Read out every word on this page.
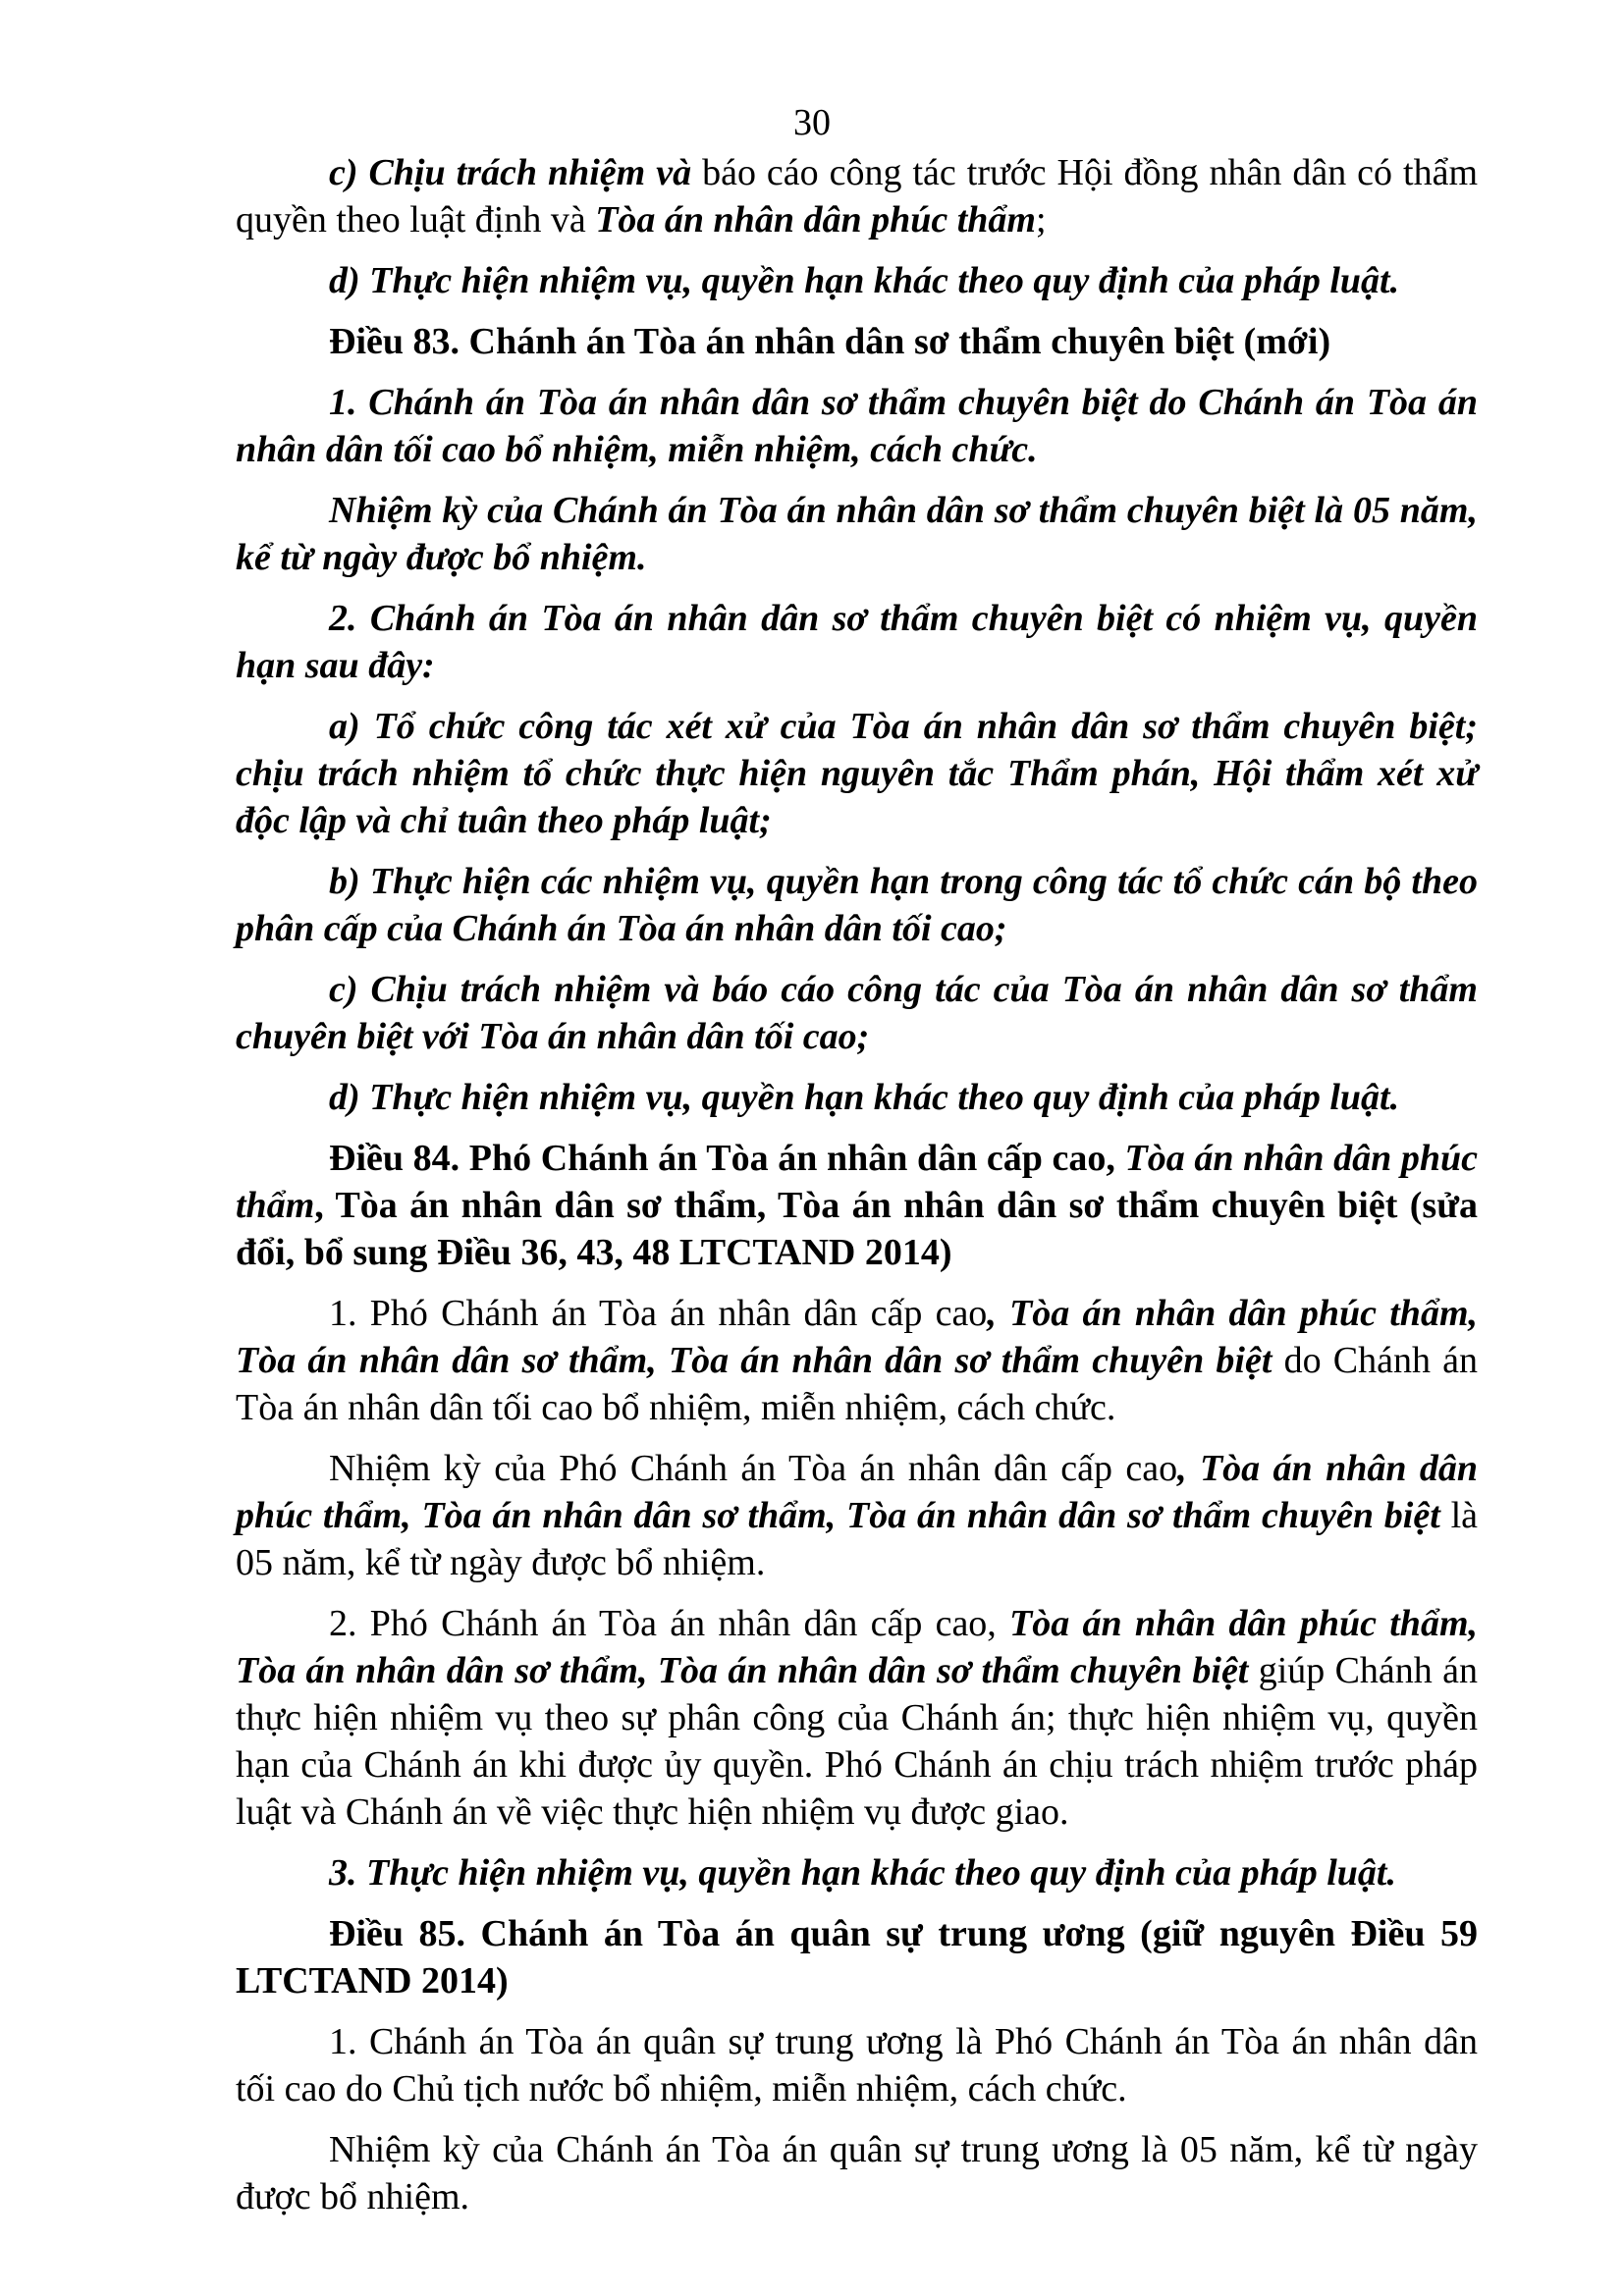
30

c) Chịu trách nhiệm và báo cáo công tác trước Hội đồng nhân dân có thẩm quyền theo luật định và Tòa án nhân dân phúc thẩm;

d) Thực hiện nhiệm vụ, quyền hạn khác theo quy định của pháp luật.

Điều 83. Chánh án Tòa án nhân dân sơ thẩm chuyên biệt (mới)

1. Chánh án Tòa án nhân dân sơ thẩm chuyên biệt do Chánh án Tòa án nhân dân tối cao bổ nhiệm, miễn nhiệm, cách chức.

Nhiệm kỳ của Chánh án Tòa án nhân dân sơ thẩm chuyên biệt là 05 năm, kể từ ngày được bổ nhiệm.

2. Chánh án Tòa án nhân dân sơ thẩm chuyên biệt có nhiệm vụ, quyền hạn sau đây:

a) Tổ chức công tác xét xử của Tòa án nhân dân sơ thẩm chuyên biệt; chịu trách nhiệm tổ chức thực hiện nguyên tắc Thẩm phán, Hội thẩm xét xử độc lập và chỉ tuân theo pháp luật;

b) Thực hiện các nhiệm vụ, quyền hạn trong công tác tổ chức cán bộ theo phân cấp của Chánh án Tòa án nhân dân tối cao;

c) Chịu trách nhiệm và báo cáo công tác của Tòa án nhân dân sơ thẩm chuyên biệt với Tòa án nhân dân tối cao;

d) Thực hiện nhiệm vụ, quyền hạn khác theo quy định của pháp luật.

Điều 84. Phó Chánh án Tòa án nhân dân cấp cao, Tòa án nhân dân phúc thẩm, Tòa án nhân dân sơ thẩm, Tòa án nhân dân sơ thẩm chuyên biệt (sửa đổi, bổ sung Điều 36, 43, 48 LTCTAND 2014)

1. Phó Chánh án Tòa án nhân dân cấp cao, Tòa án nhân dân phúc thẩm, Tòa án nhân dân sơ thẩm, Tòa án nhân dân sơ thẩm chuyên biệt do Chánh án Tòa án nhân dân tối cao bổ nhiệm, miễn nhiệm, cách chức.

Nhiệm kỳ của Phó Chánh án Tòa án nhân dân cấp cao, Tòa án nhân dân phúc thẩm, Tòa án nhân dân sơ thẩm, Tòa án nhân dân sơ thẩm chuyên biệt là 05 năm, kể từ ngày được bổ nhiệm.

2. Phó Chánh án Tòa án nhân dân cấp cao, Tòa án nhân dân phúc thẩm, Tòa án nhân dân sơ thẩm, Tòa án nhân dân sơ thẩm chuyên biệt giúp Chánh án thực hiện nhiệm vụ theo sự phân công của Chánh án; thực hiện nhiệm vụ, quyền hạn của Chánh án khi được ủy quyền. Phó Chánh án chịu trách nhiệm trước pháp luật và Chánh án về việc thực hiện nhiệm vụ được giao.

3. Thực hiện nhiệm vụ, quyền hạn khác theo quy định của pháp luật.

Điều 85. Chánh án Tòa án quân sự trung ương (giữ nguyên Điều 59 LTCTAND 2014)

1. Chánh án Tòa án quân sự trung ương là Phó Chánh án Tòa án nhân dân tối cao do Chủ tịch nước bổ nhiệm, miễn nhiệm, cách chức.

Nhiệm kỳ của Chánh án Tòa án quân sự trung ương là 05 năm, kể từ ngày được bổ nhiệm.
